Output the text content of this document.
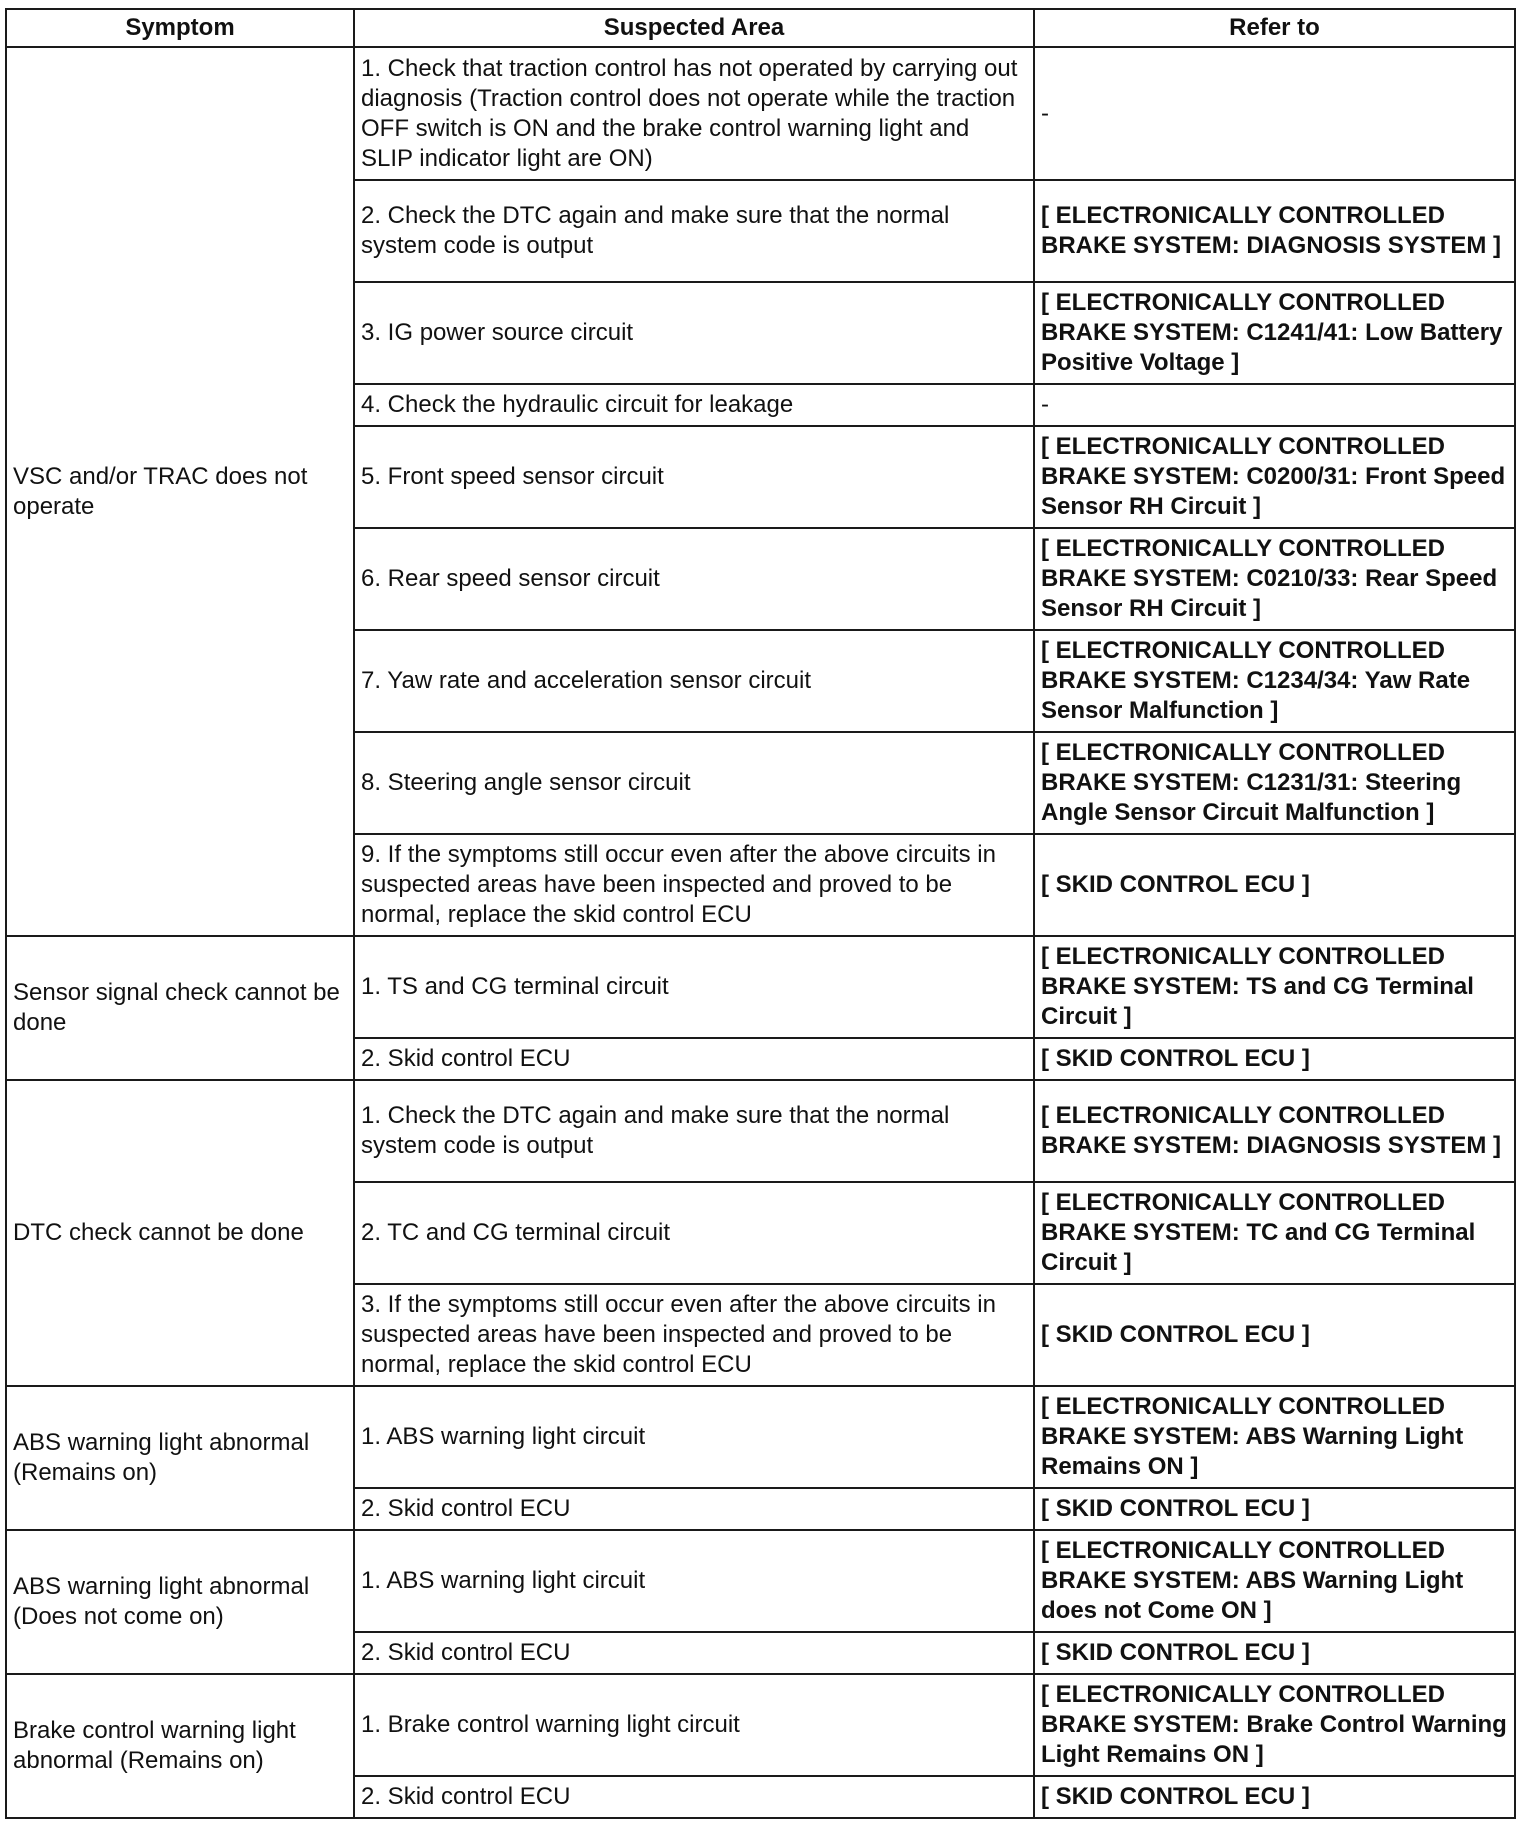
Symptom	Suspected Area	Refer to
VSC and/or TRAC does not operate	1. Check that traction control has not operated by carrying out diagnosis (Traction control does not operate while the traction OFF switch is ON and the brake control warning light and SLIP indicator light are ON)	-
	2. Check the DTC again and make sure that the normal system code is output	[ ELECTRONICALLY CONTROLLED BRAKE SYSTEM: DIAGNOSIS SYSTEM ]
	3. IG power source circuit	[ ELECTRONICALLY CONTROLLED BRAKE SYSTEM: C1241/41: Low Battery Positive Voltage ]
	4. Check the hydraulic circuit for leakage	-
	5. Front speed sensor circuit	[ ELECTRONICALLY CONTROLLED BRAKE SYSTEM: C0200/31: Front Speed Sensor RH Circuit ]
	6. Rear speed sensor circuit	[ ELECTRONICALLY CONTROLLED BRAKE SYSTEM: C0210/33: Rear Speed Sensor RH Circuit ]
	7. Yaw rate and acceleration sensor circuit	[ ELECTRONICALLY CONTROLLED BRAKE SYSTEM: C1234/34: Yaw Rate Sensor Malfunction ]
	8. Steering angle sensor circuit	[ ELECTRONICALLY CONTROLLED BRAKE SYSTEM: C1231/31: Steering Angle Sensor Circuit Malfunction ]
	9. If the symptoms still occur even after the above circuits in suspected areas have been inspected and proved to be normal, replace the skid control ECU	[ SKID CONTROL ECU ]
Sensor signal check cannot be done	1. TS and CG terminal circuit	[ ELECTRONICALLY CONTROLLED BRAKE SYSTEM: TS and CG Terminal Circuit ]
	2. Skid control ECU	[ SKID CONTROL ECU ]
DTC check cannot be done	1. Check the DTC again and make sure that the normal system code is output	[ ELECTRONICALLY CONTROLLED BRAKE SYSTEM: DIAGNOSIS SYSTEM ]
	2. TC and CG terminal circuit	[ ELECTRONICALLY CONTROLLED BRAKE SYSTEM: TC and CG Terminal Circuit ]
	3. If the symptoms still occur even after the above circuits in suspected areas have been inspected and proved to be normal, replace the skid control ECU	[ SKID CONTROL ECU ]
ABS warning light abnormal (Remains on)	1. ABS warning light circuit	[ ELECTRONICALLY CONTROLLED BRAKE SYSTEM: ABS Warning Light Remains ON ]
	2. Skid control ECU	[ SKID CONTROL ECU ]
ABS warning light abnormal (Does not come on)	1. ABS warning light circuit	[ ELECTRONICALLY CONTROLLED BRAKE SYSTEM: ABS Warning Light does not Come ON ]
	2. Skid control ECU	[ SKID CONTROL ECU ]
Brake control warning light abnormal (Remains on)	1. Brake control warning light circuit	[ ELECTRONICALLY CONTROLLED BRAKE SYSTEM: Brake Control Warning Light Remains ON ]
	2. Skid control ECU	[ SKID CONTROL ECU ]
